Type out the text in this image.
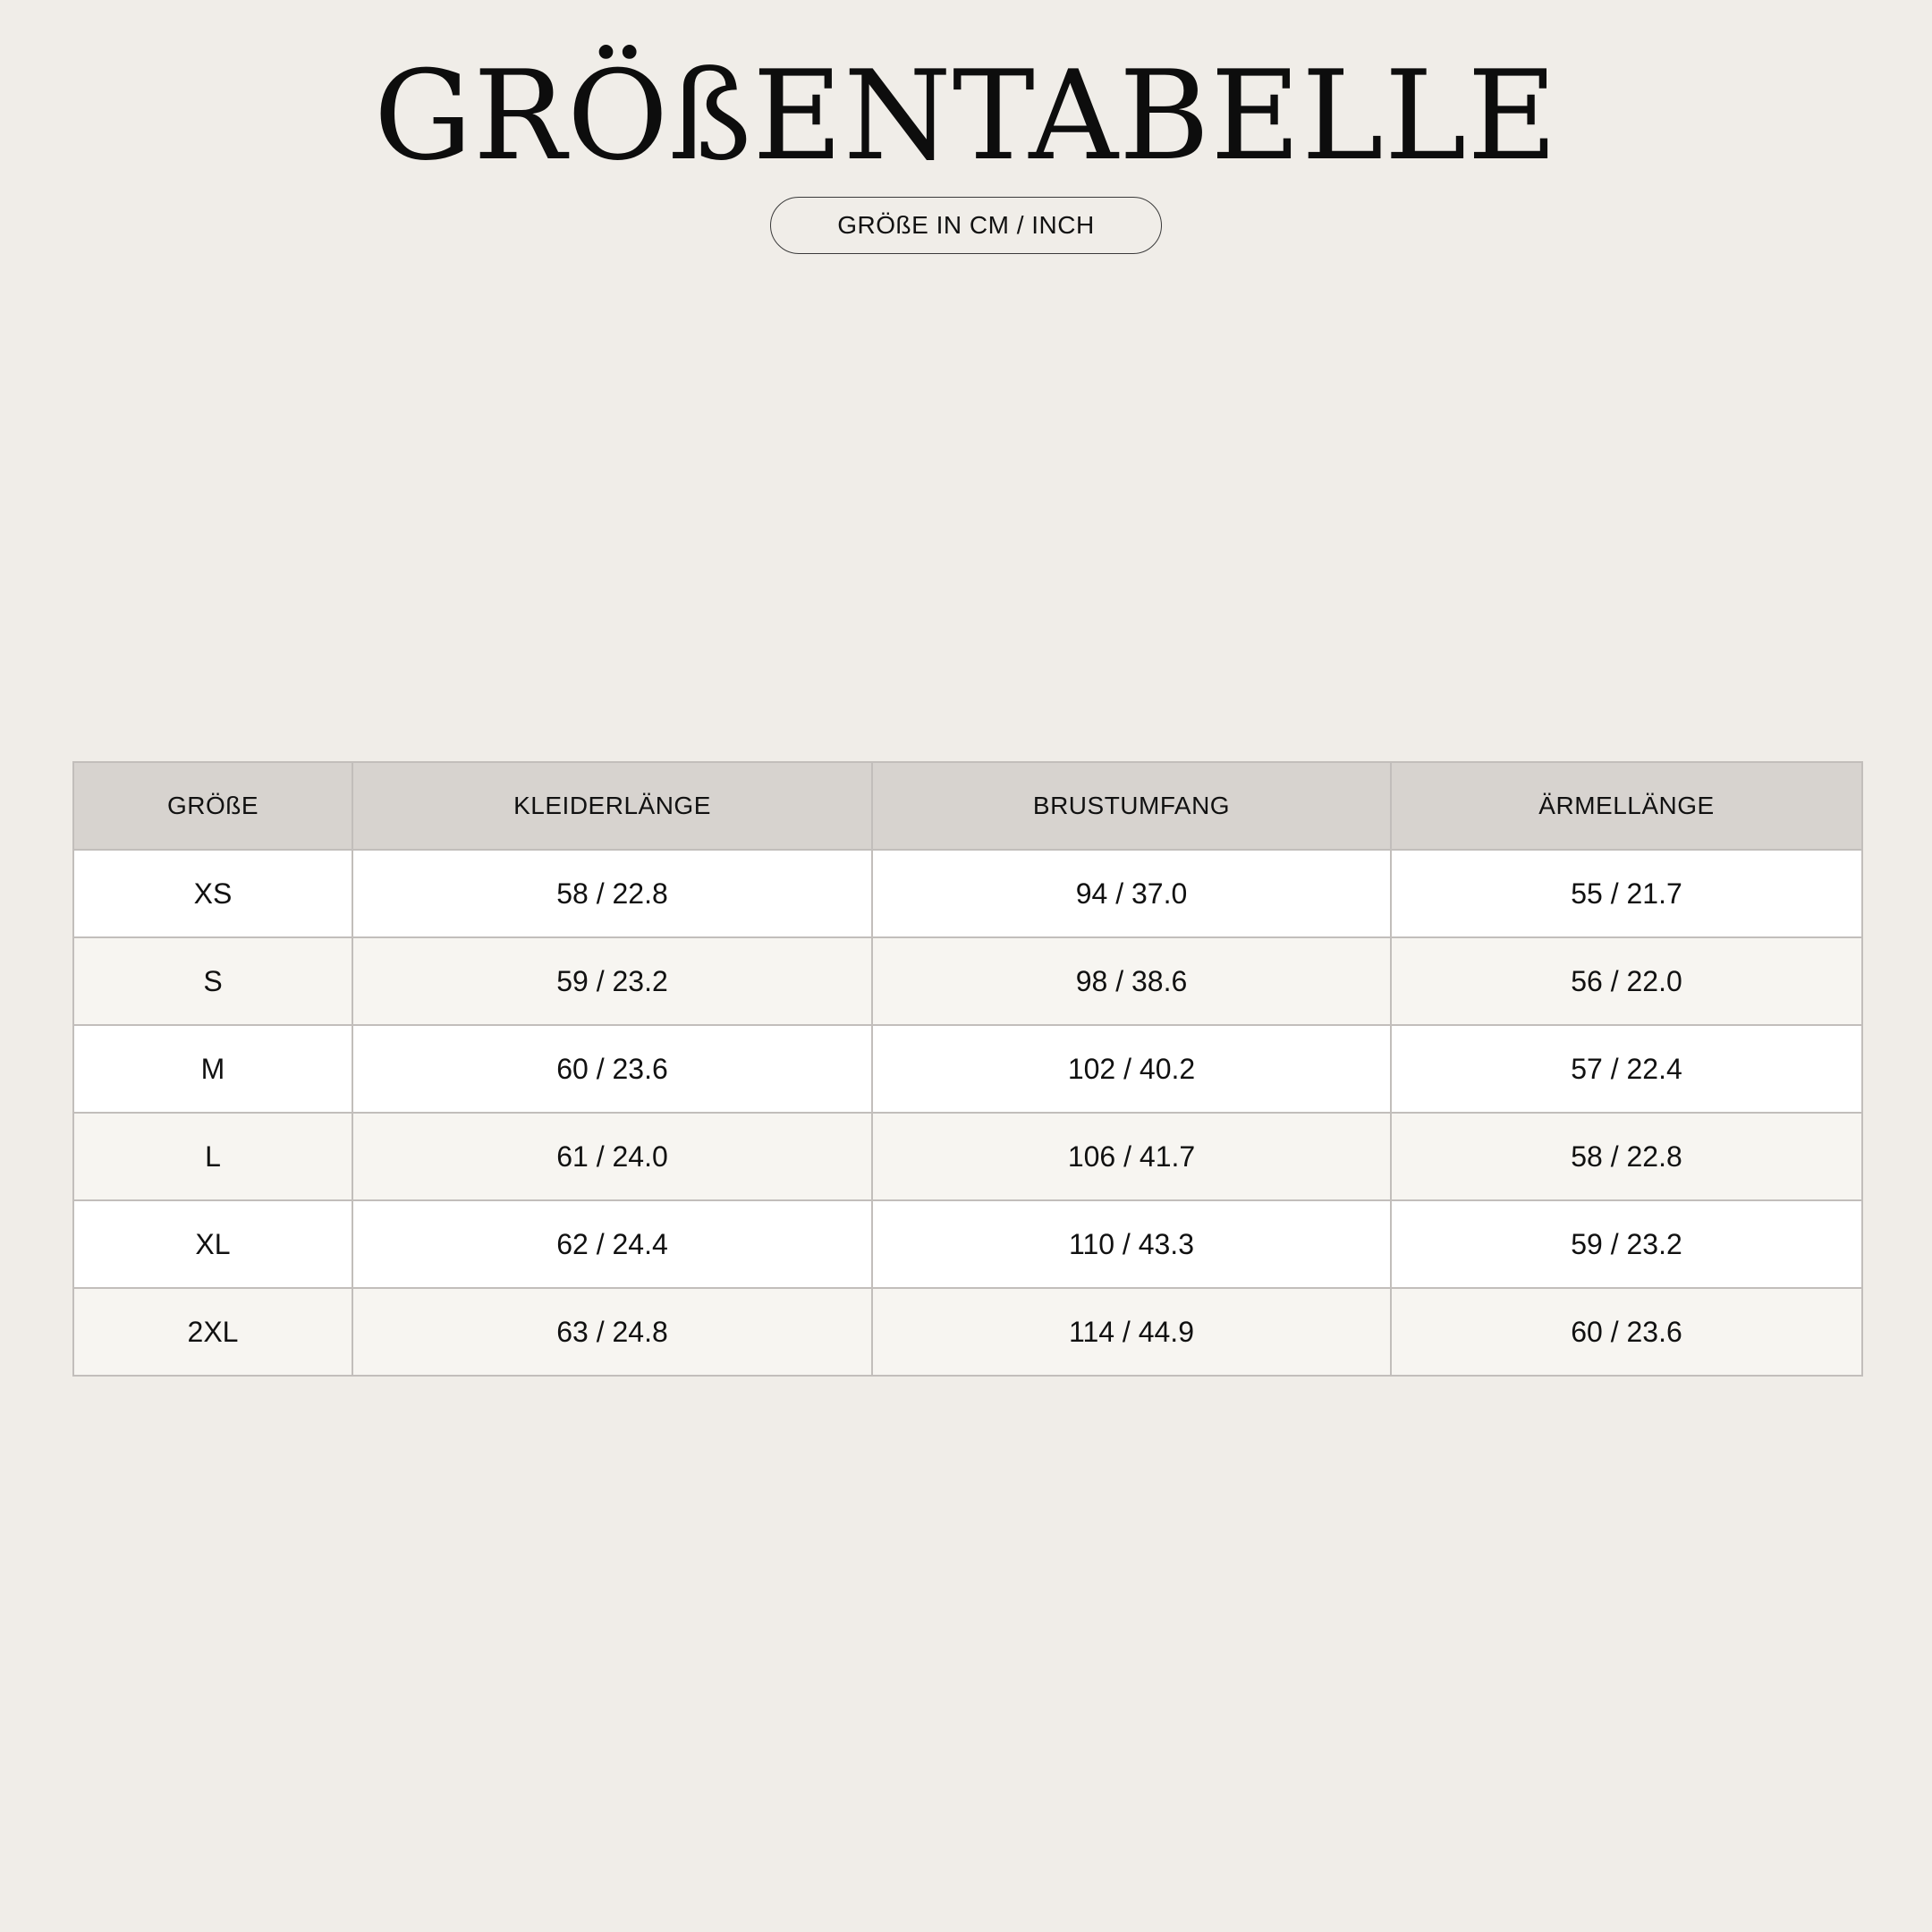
GRÖßENTABELLE
GRÖßE IN CM / INCH
GRÖßE	KLEIDERLÄNGE	BRUSTUMFANG	ÄRMELLÄNGE
XS	58 / 22.8	94 / 37.0	55 / 21.7
S	59 / 23.2	98 / 38.6	56 / 22.0
M	60 / 23.6	102 / 40.2	57 / 22.4
L	61 / 24.0	106 / 41.7	58 / 22.8
XL	62 / 24.4	110 / 43.3	59 / 23.2
2XL	63 / 24.8	114 / 44.9	60 / 23.6
